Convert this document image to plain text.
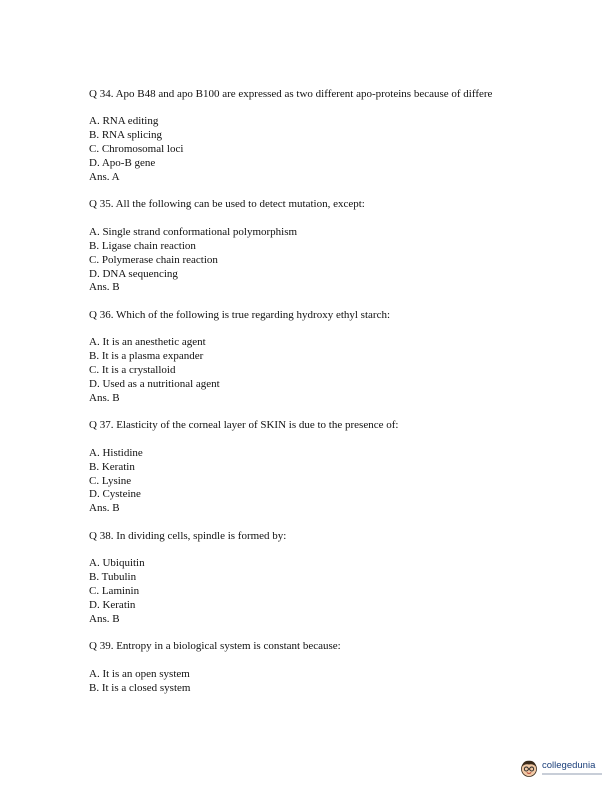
Q 34. Apo B48 and apo B100 are expressed as two different apo-proteins because of differe
A. RNA editing
B. RNA splicing
C. Chromosomal loci
D. Apo-B gene
Ans. A
Q 35. All the following can be used to detect mutation, except:
A. Single strand conformational polymorphism
B. Ligase chain reaction
C. Polymerase chain reaction
D. DNA sequencing
Ans. B
Q 36. Which of the following is true regarding hydroxy ethyl starch:
A. It is an anesthetic agent
B. It is a plasma expander
C. It is a crystalloid
D. Used as a nutritional agent
Ans. B
Q 37. Elasticity of the corneal layer of SKIN is due to the presence of:
A. Histidine
B. Keratin
C. Lysine
D. Cysteine
Ans. B
Q 38. In dividing cells, spindle is formed by:
A. Ubiquitin
B. Tubulin
C. Laminin
D. Keratin
Ans. B
Q 39. Entropy in a biological system is constant because:
A. It is an open system
B. It is a closed system
collegedunia
